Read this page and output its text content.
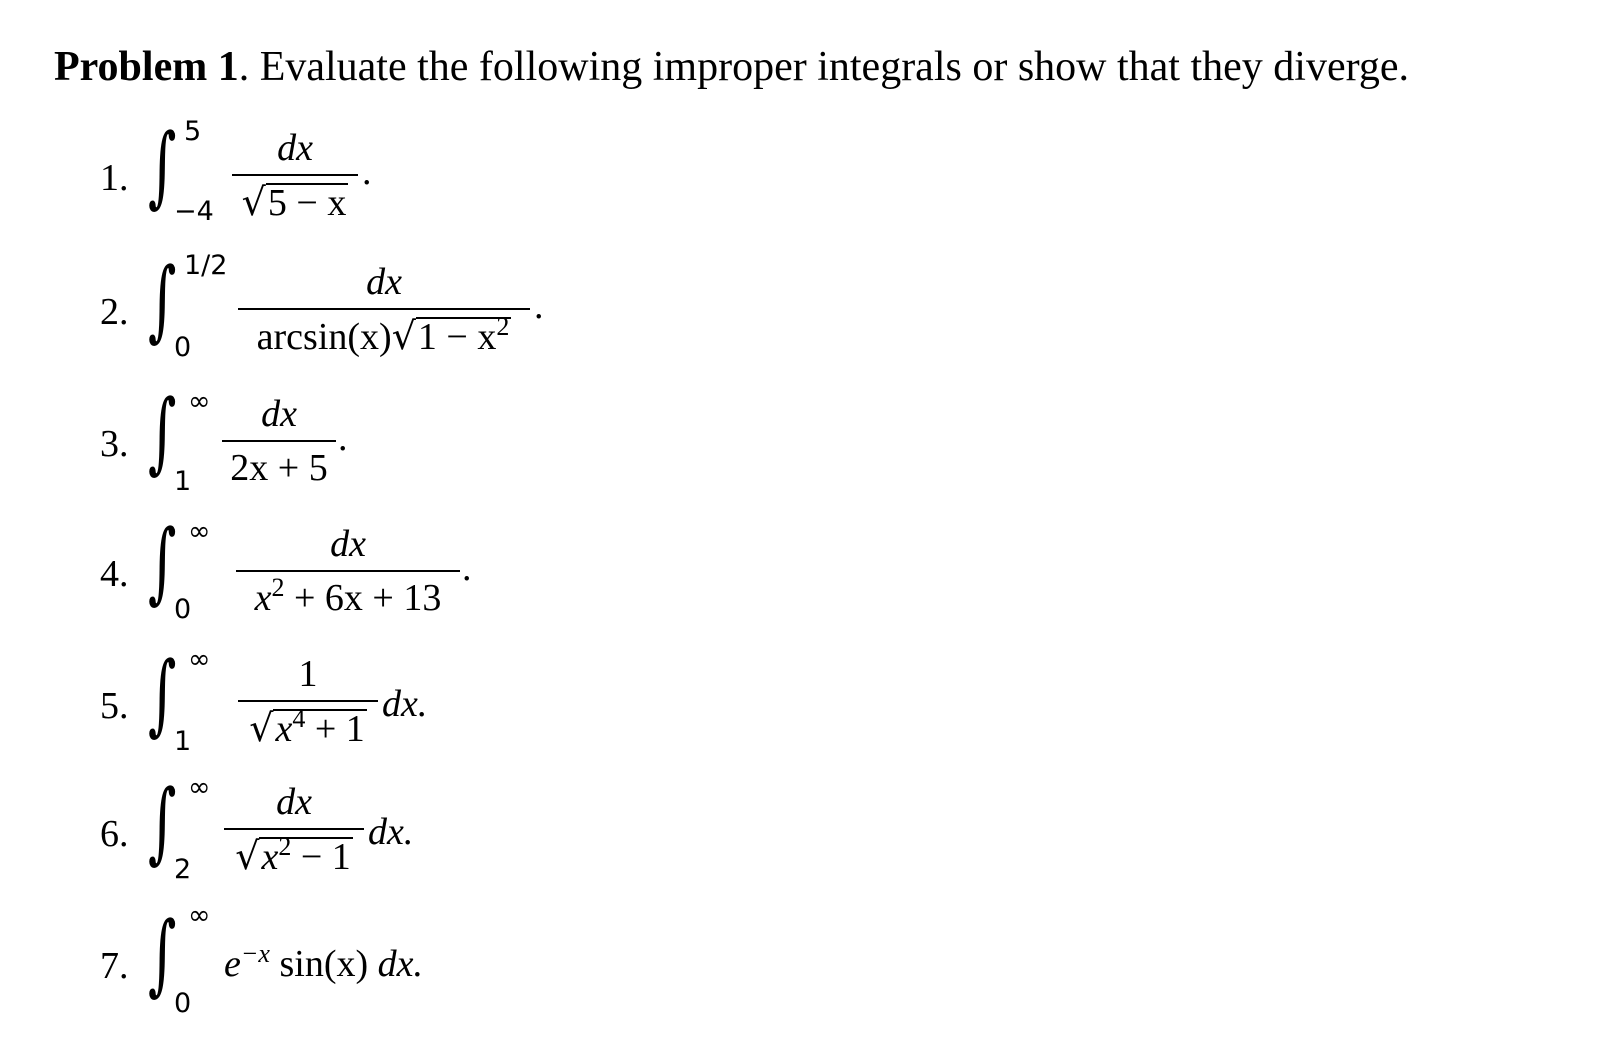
Problem 1. Evaluate the following improper integrals or show that they diverge.
1. ∫ 5
−4
dx
√5 − x
.
2. ∫ 1/2
0
dx
$\arcsin(x)√1 - x^2$ .
3. ∫ ∞
1
dx
2x + 5
.
4. ∫ ∞
0
dx
$x^2 + 6x + 13$
.
5. ∫ ∞
1
1
$√x^4 + 1$
dx.
6. ∫ ∞
2
dx
$√x^2 - 1$
dx.
7. ∫ ∞
0
$e^{-x}$ sin(x) dx.
